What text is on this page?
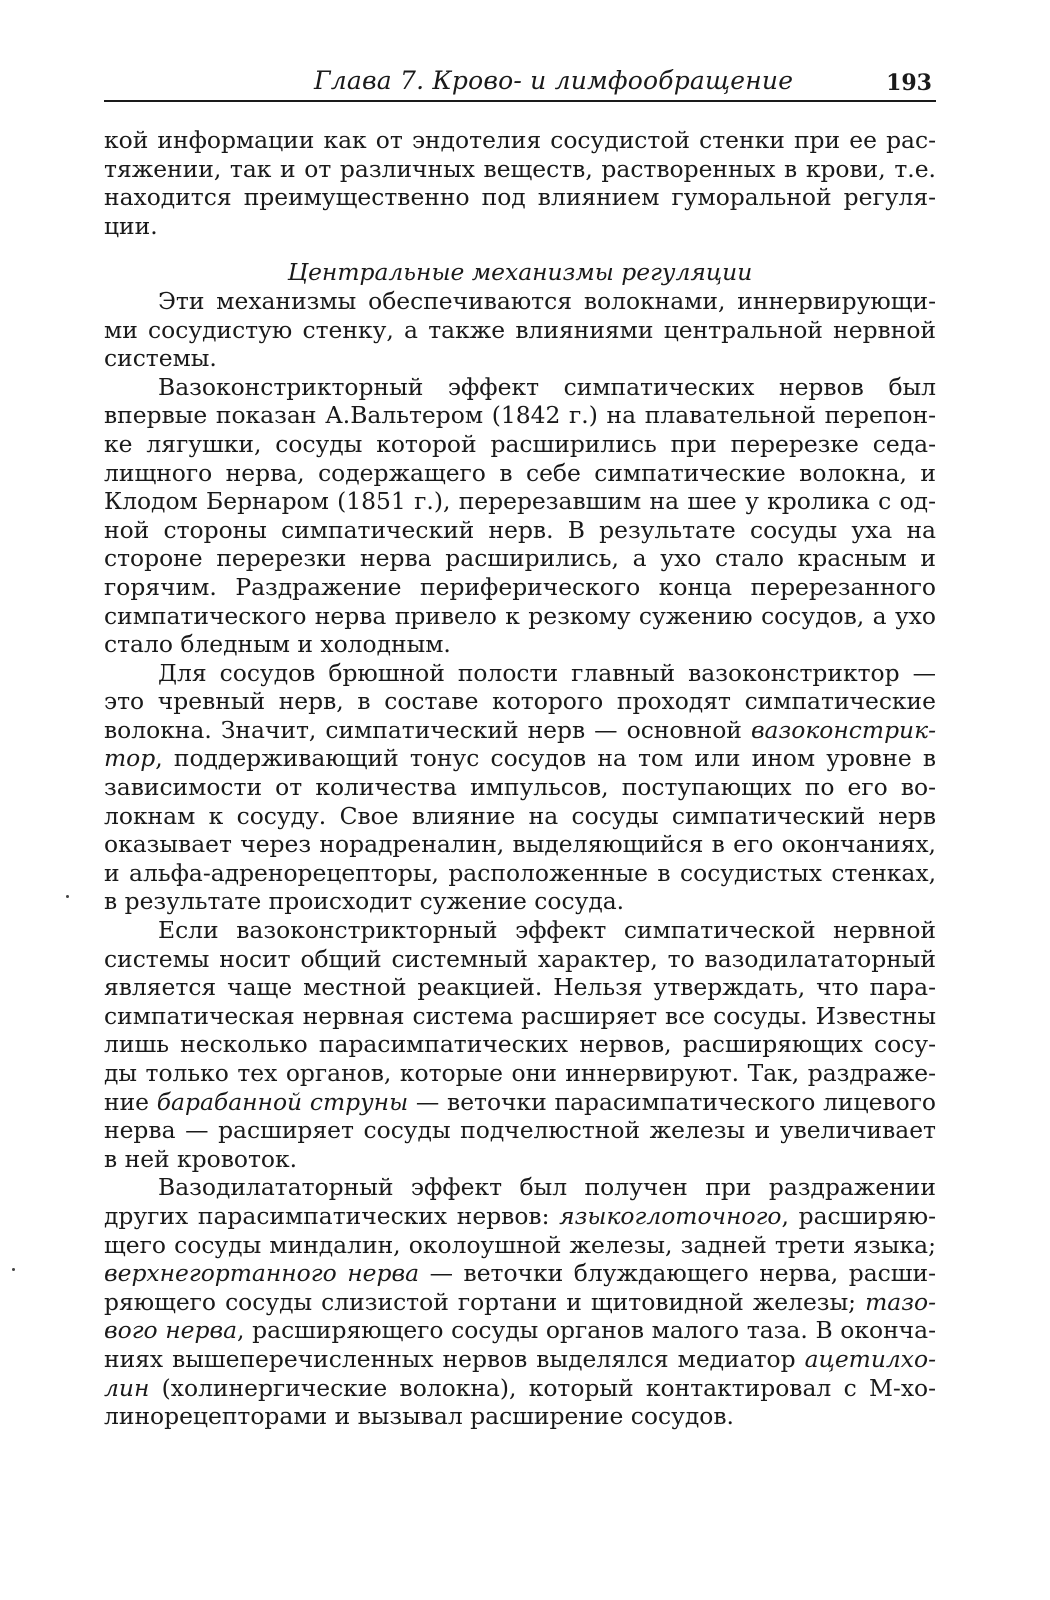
Глава 7. Крово- и лимфообращение	193

кой информации как от эндотелия сосудистой стенки при ее растяжении, так и от различных веществ, растворенных в крови, т.е. находится преимущественно под влиянием гуморальной регуляции.

Центральные механизмы регуляции

Эти механизмы обеспечиваются волокнами, иннервирующими сосудистую стенку, а также влияниями центральной нервной системы.

Вазоконстрикторный эффект симпатических нервов был впервые показан А.Вальтером (1842 г.) на плавательной перепонке лягушки, сосуды которой расширились при перерезке седалищного нерва, содержащего в себе симпатические волокна, и Клодом Бернаром (1851 г.), перерезавшим на шее у кролика с одной стороны симпатический нерв. В результате сосуды уха на стороне перерезки нерва расширились, а ухо стало красным и горячим. Раздражение периферического конца перерезанного симпатического нерва привело к резкому сужению сосудов, а ухо стало бледным и холодным.

Для сосудов брюшной полости главный вазоконстриктор — это чревный нерв, в составе которого проходят симпатические волокна. Значит, симпатический нерв — основной вазоконстриктор, поддерживающий тонус сосудов на том или ином уровне в зависимости от количества импульсов, поступающих по его волокнам к сосуду. Свое влияние на сосуды симпатический нерв оказывает через норадреналин, выделяющийся в его окончаниях, и альфа-адренорецепторы, расположенные в сосудистых стенках, в результате происходит сужение сосуда.

Если вазоконстрикторный эффект симпатической нервной системы носит общий системный характер, то вазодилататорный является чаще местной реакцией. Нельзя утверждать, что парасимпатическая нервная система расширяет все сосуды. Известны лишь несколько парасимпатических нервов, расширяющих сосуды только тех органов, которые они иннервируют. Так, раздражение барабанной струны — веточки парасимпатического лицевого нерва — расширяет сосуды подчелюстной железы и увеличивает в ней кровоток.

Вазодилататорный эффект был получен при раздражении других парасимпатических нервов: языкоглоточного, расширяющего сосуды миндалин, околоушной железы, задней трети языка; верхнегортанного нерва — веточки блуждающего нерва, расширяющего сосуды слизистой гортани и щитовидной железы; тазового нерва, расширяющего сосуды органов малого таза. В окончаниях вышеперечисленных нервов выделялся медиатор ацетилхолин (холинергические волокна), который контактировал с М-холинорецепторами и вызывал расширение сосудов.
